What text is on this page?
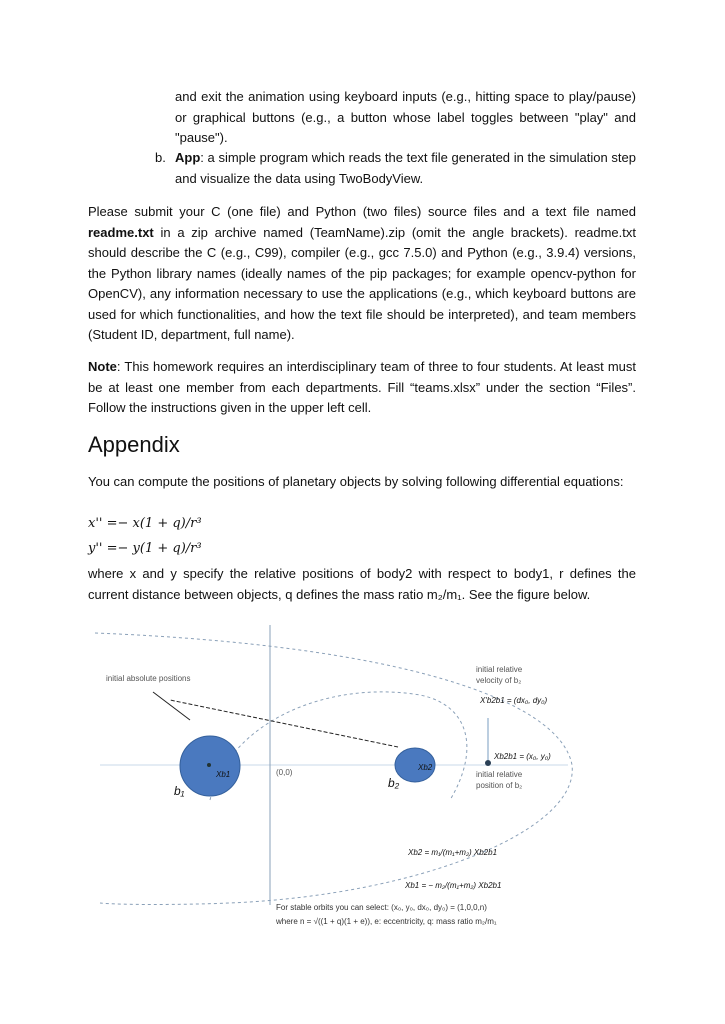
and exit the animation using keyboard inputs (e.g., hitting space to play/pause) or graphical buttons (e.g., a button whose label toggles between "play" and "pause").
b. App: a simple program which reads the text file generated in the simulation step and visualize the data using TwoBodyView.
Please submit your C (one file) and Python (two files) source files and a text file named readme.txt in a zip archive named (TeamName).zip (omit the angle brackets). readme.txt should describe the C (e.g., C99), compiler (e.g., gcc 7.5.0) and Python (e.g., 3.9.4) versions, the Python library names (ideally names of the pip packages; for example opencv-python for OpenCV), any information necessary to use the applications (e.g., which keyboard buttons are used for which functionalities, and how the text file should be interpreted), and team members (Student ID, department, full name).
Note: This homework requires an interdisciplinary team of three to four students. At least must be at least one member from each departments. Fill “teams.xlsx” under the section “Files”. Follow the instructions given in the upper left cell.
Appendix
You can compute the positions of planetary objects by solving following differential equations:
x'' =− x(1 + q)/r³
y'' =− y(1 + q)/r³
where x and y specify the relative positions of body2 with respect to body1, r defines the current distance between objects, q defines the mass ratio m₂/m₁. See the figure below.
initial absolute positions
initial relative
velocity of b₂
initial relative
position of b₂
(0,0)
X'b2b1 = (dx₀, dy₀)
Xb2b1 = (x₀, y₀)
Xb1
Xb2
b₁
b₂
Xb2 = m₁/(m₁+m₂) Xb2b1
Xb1 = − m₂/(m₁+m₂) Xb2b1
For stable orbits you can select: (x₀, y₀, dx₀, dy₀) = (1,0,0,n)
where n = √((1 + q)(1 + e)), e: eccentricity, q: mass ratio m₂/m₁
